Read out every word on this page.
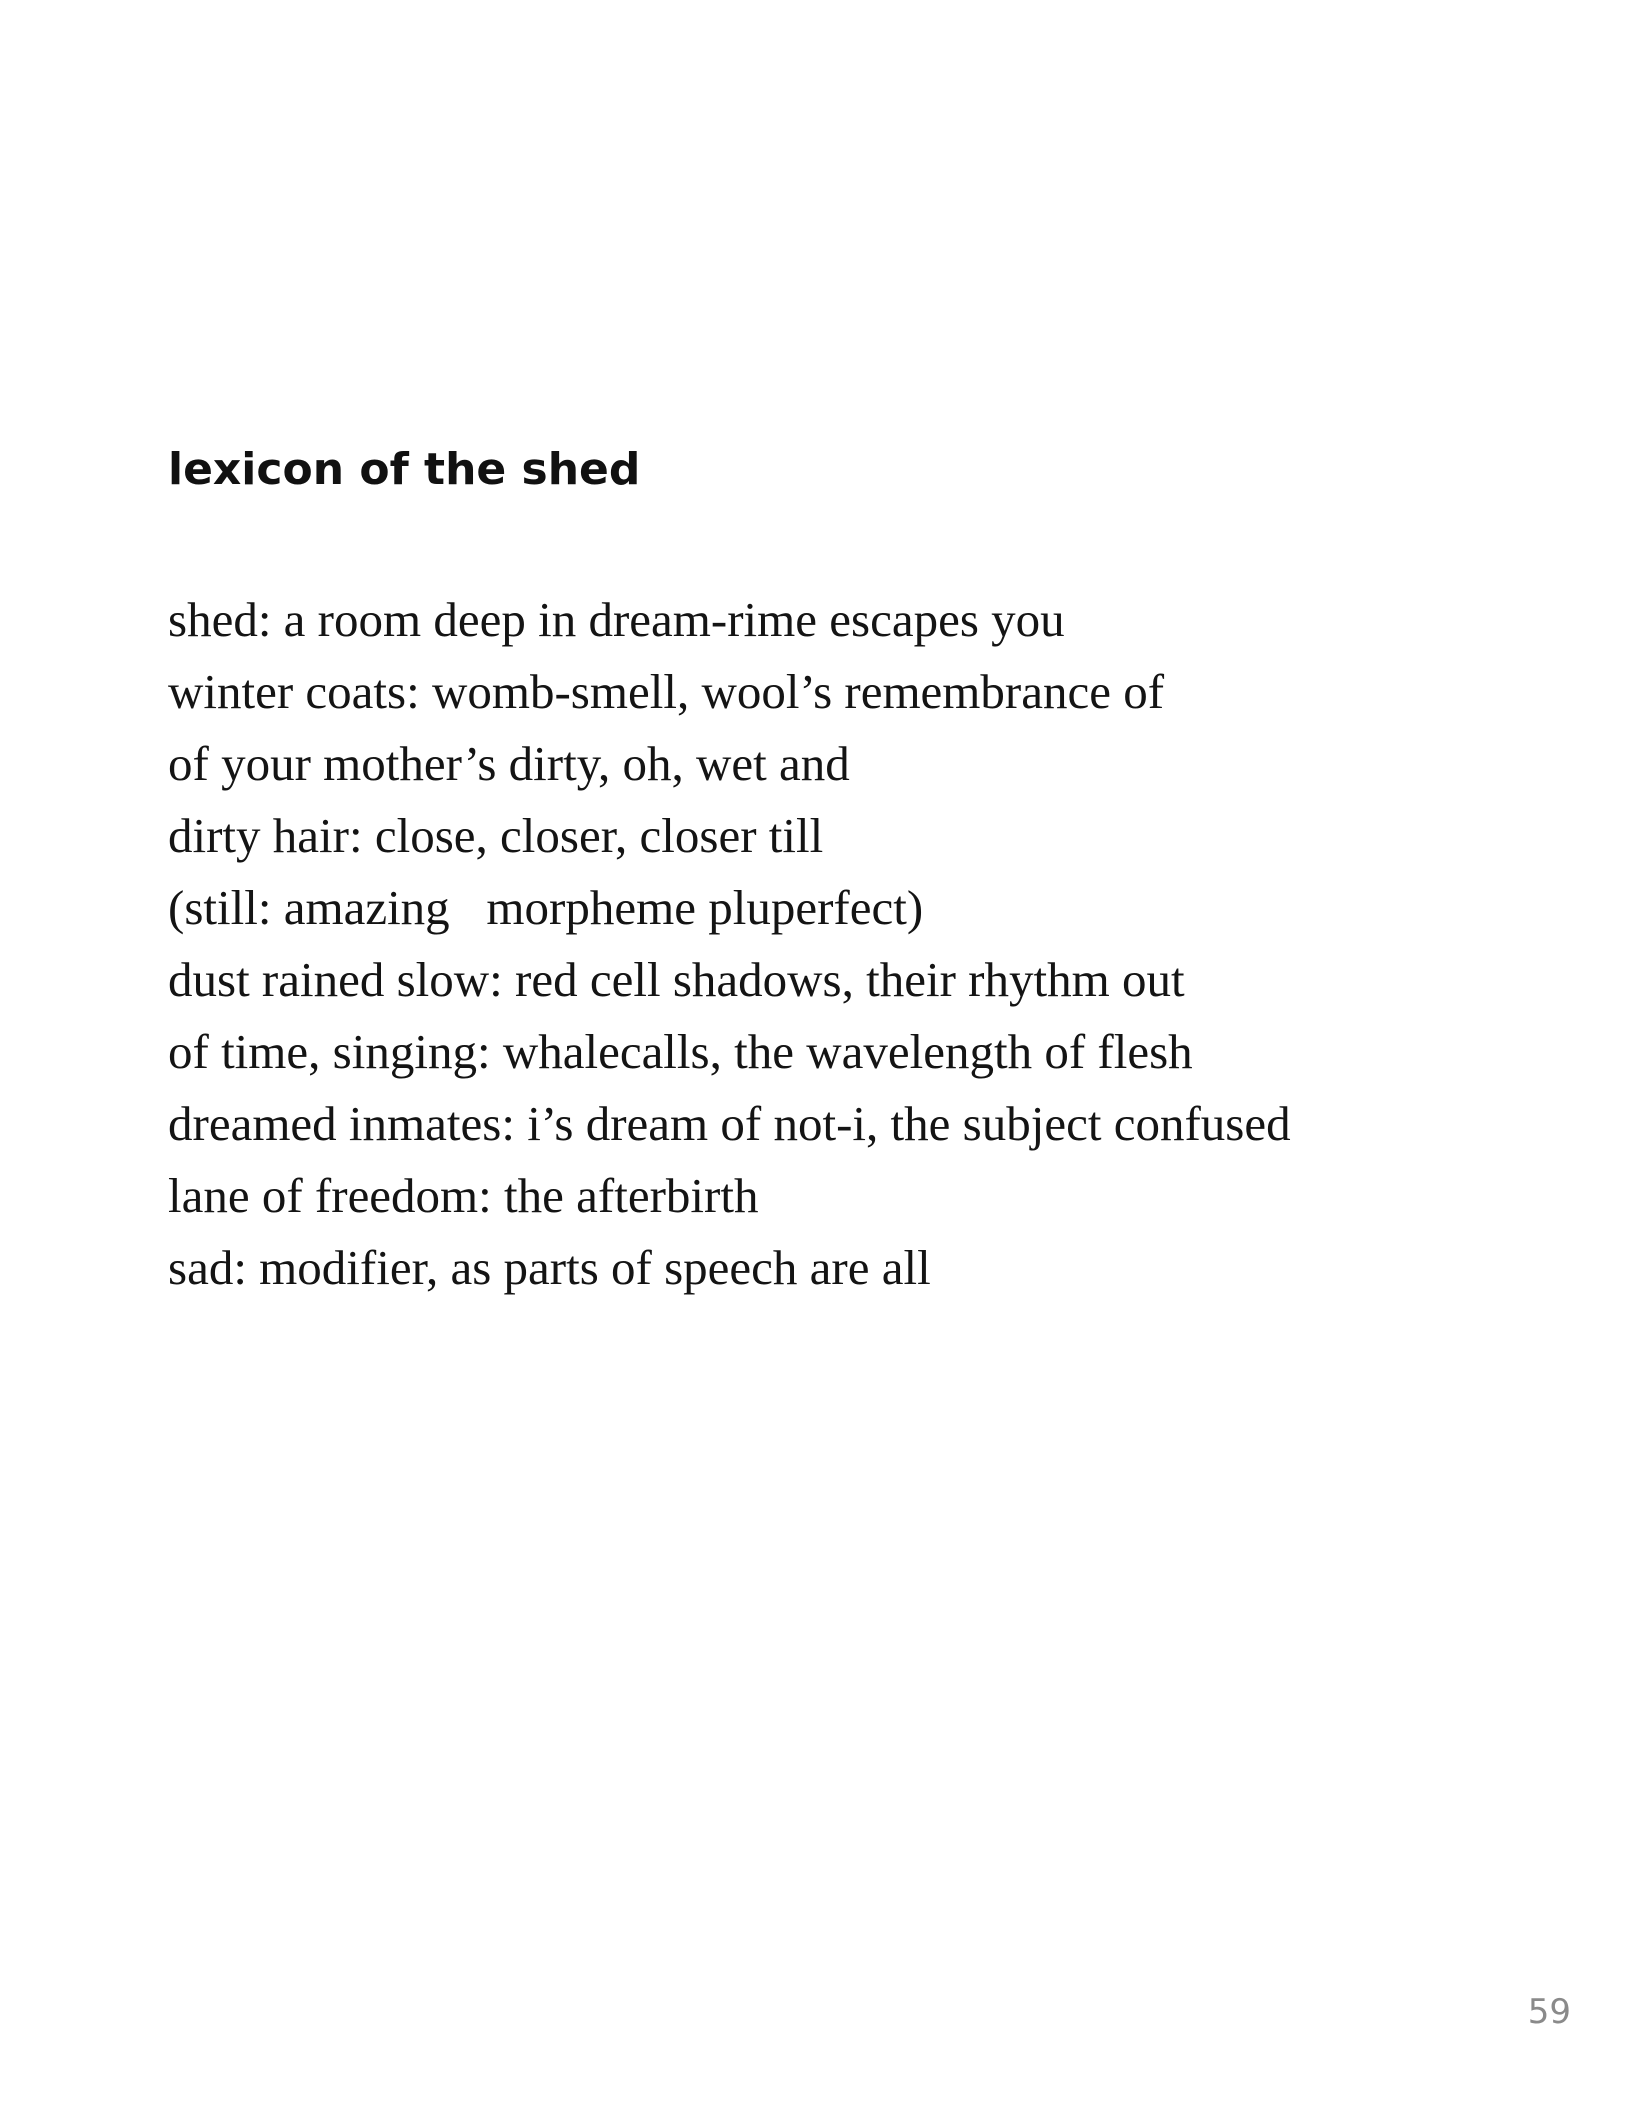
lexicon of the shed
shed: a room deep in dream-rime escapes you
winter coats: womb-smell, wool’s remembrance of
of your mother’s dirty, oh, wet and
dirty hair: close, closer, closer till
(still: amazing   morpheme pluperfect)
dust rained slow: red cell shadows, their rhythm out
of time, singing: whalecalls, the wavelength of flesh
dreamed inmates: i’s dream of not-i, the subject confused
lane of freedom: the afterbirth
sad: modifier, as parts of speech are all

59
